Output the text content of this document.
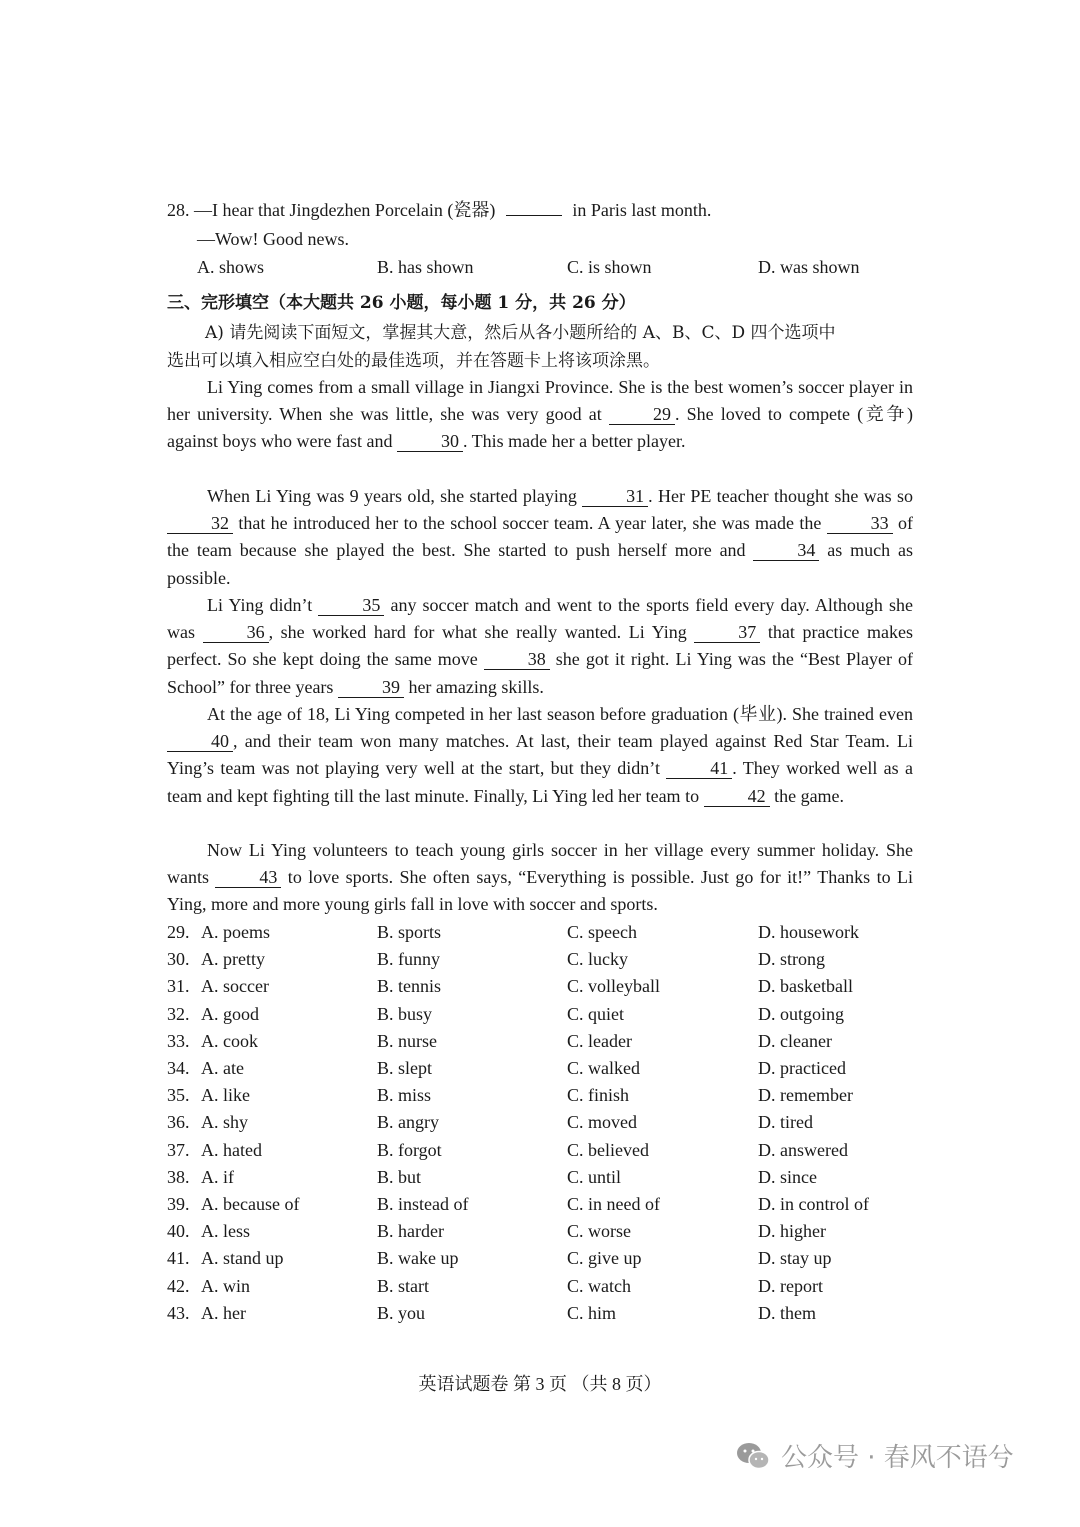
28. —I hear that Jingdezhen Porcelain (瓷器)	in Paris last month.
—Wow! Good news.
A. shows	B. has shown	C. is shown	D. was shown
三、完形填空（本大题共 26 小题，每小题 1 分，共 26 分）
A) 请先阅读下面短文，掌握其大意，然后从各小题所给的 A、B、C、D 四个选项中
选出可以填入相应空白处的最佳选项，并在答题卡上将该项涂黑。
Li Ying comes from a small village in Jiangxi Province. She is the best women’s soccer player in her university. When she was little, she was very good at 29 . She loved to compete (竞争) against boys who were fast and 30 . This made her a better player.
When Li Ying was 9 years old, she started playing 31 . Her PE teacher thought she was so 32 that he introduced her to the school soccer team. A year later, she was made the 33 of the team because she played the best. She started to push herself more and 34 as much as possible.
Li Ying didn’t 35 any soccer match and went to the sports field every day. Although she was 36 , she worked hard for what she really wanted. Li Ying 37 that practice makes perfect. So she kept doing the same move 38 she got it right. Li Ying was the “Best Player of School” for three years 39 her amazing skills.
At the age of 18, Li Ying competed in her last season before graduation (毕业). She trained even 40 , and their team won many matches. At last, their team played against Red Star Team. Li Ying’s team was not playing very well at the start, but they didn’t 41 . They worked well as a team and kept fighting till the last minute. Finally, Li Ying led her team to 42 the game.
Now Li Ying volunteers to teach young girls soccer in her village every summer holiday. She wants 43 to love sports. She often says, “Everything is possible. Just go for it!” Thanks to Li Ying, more and more young girls fall in love with soccer and sports.
29. A. poems	B. sports	C. speech	D. housework
30. A. pretty	B. funny	C. lucky	D. strong
31. A. soccer	B. tennis	C. volleyball	D. basketball
32. A. good	B. busy	C. quiet	D. outgoing
33. A. cook	B. nurse	C. leader	D. cleaner
34. A. ate	B. slept	C. walked	D. practiced
35. A. like	B. miss	C. finish	D. remember
36. A. shy	B. angry	C. moved	D. tired
37. A. hated	B. forgot	C. believed	D. answered
38. A. if	B. but	C. until	D. since
39. A. because of	B. instead of	C. in need of	D. in control of
40. A. less	B. harder	C. worse	D. higher
41. A. stand up	B. wake up	C. give up	D. stay up
42. A. win	B. start	C. watch	D. report
43. A. her	B. you	C. him	D. them
英语试题卷 第 3 页 （共 8 页）
公众号 · 春风不语兮
